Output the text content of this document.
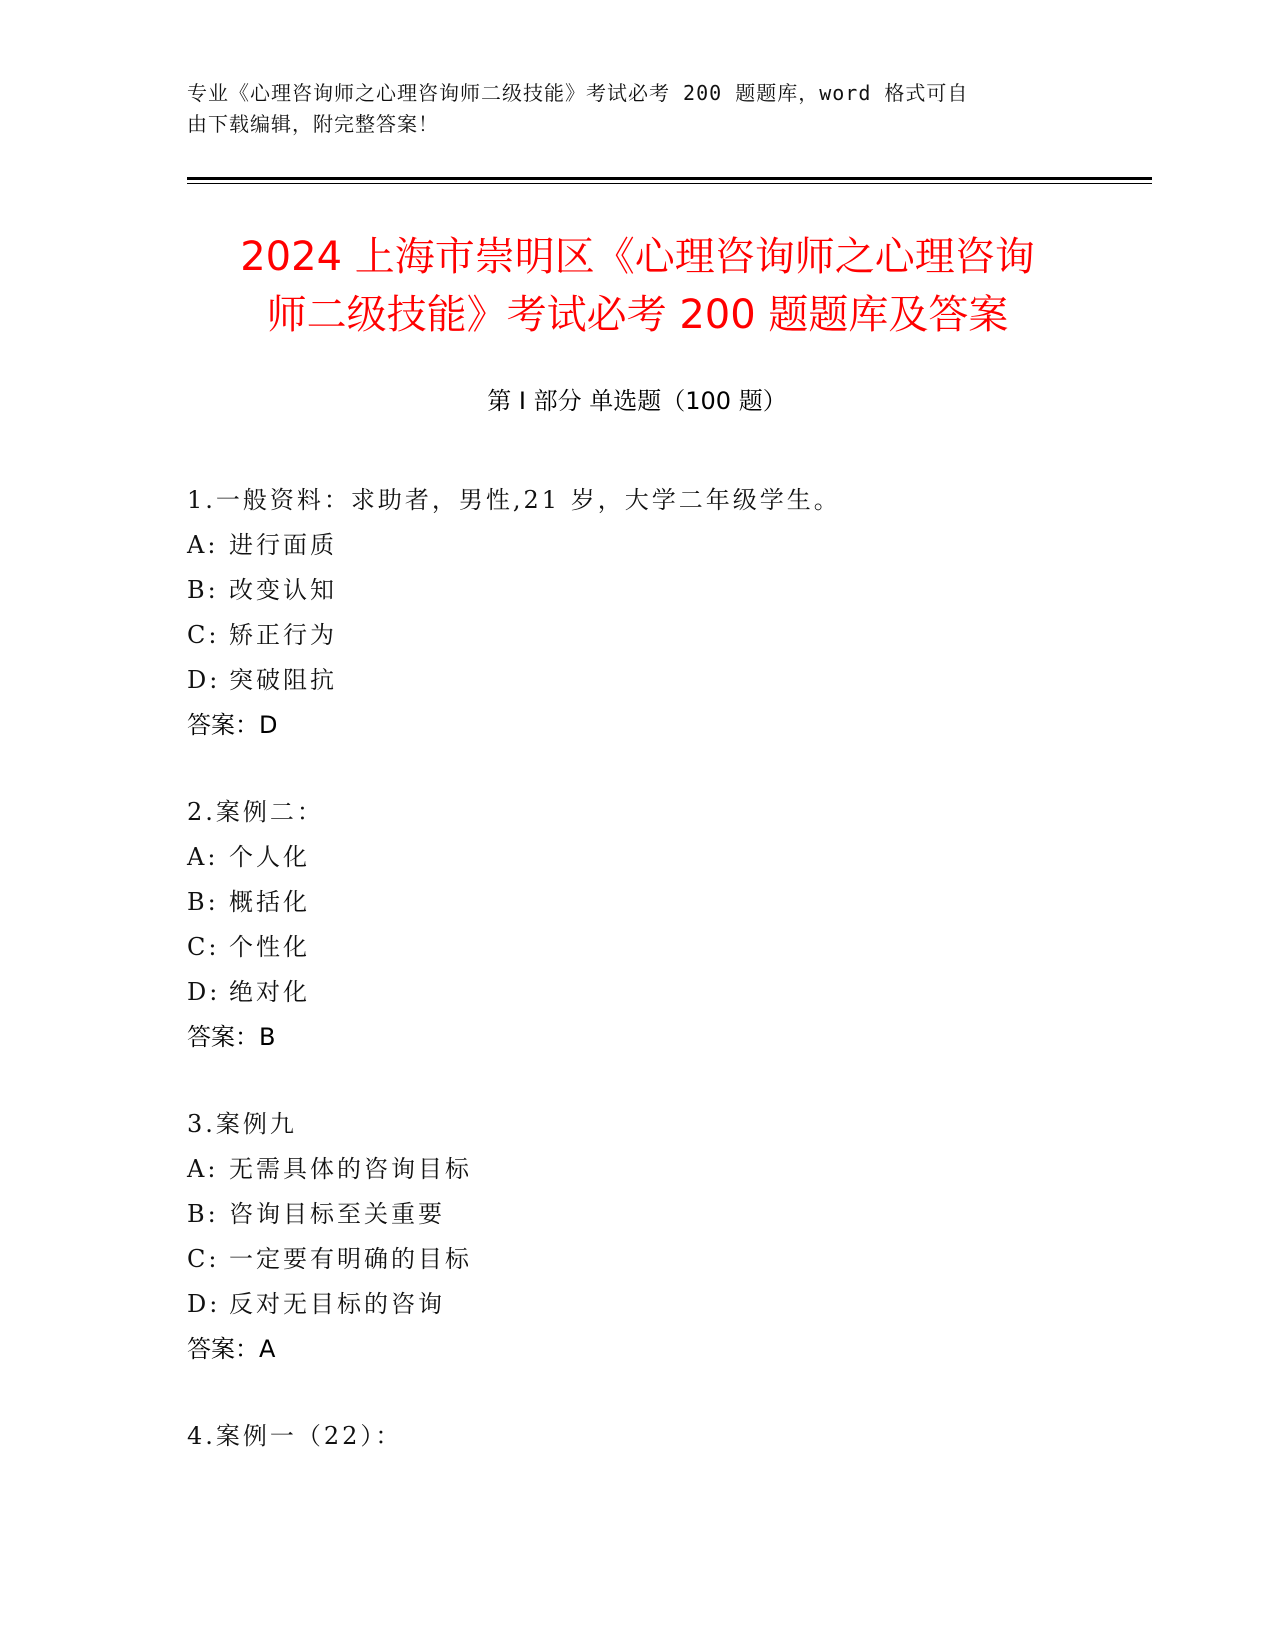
专业《心理咨询师之心理咨询师二级技能》考试必考 200 题题库，word 格式可自
由下载编辑，附完整答案！
2024 上海市崇明区《心理咨询师之心理咨询
师二级技能》考试必考 200 题题库及答案
第 I 部分 单选题（100 题）
1.一般资料：求助者，男性,21 岁，大学二年级学生。
A: 进行面质
B: 改变认知
C: 矫正行为
D: 突破阻抗
答案：D
2.案例二：
A: 个人化
B: 概括化
C: 个性化
D: 绝对化
答案：B
3.案例九
A: 无需具体的咨询目标
B: 咨询目标至关重要
C: 一定要有明确的目标
D: 反对无目标的咨询
答案：A
4.案例一（22）：
